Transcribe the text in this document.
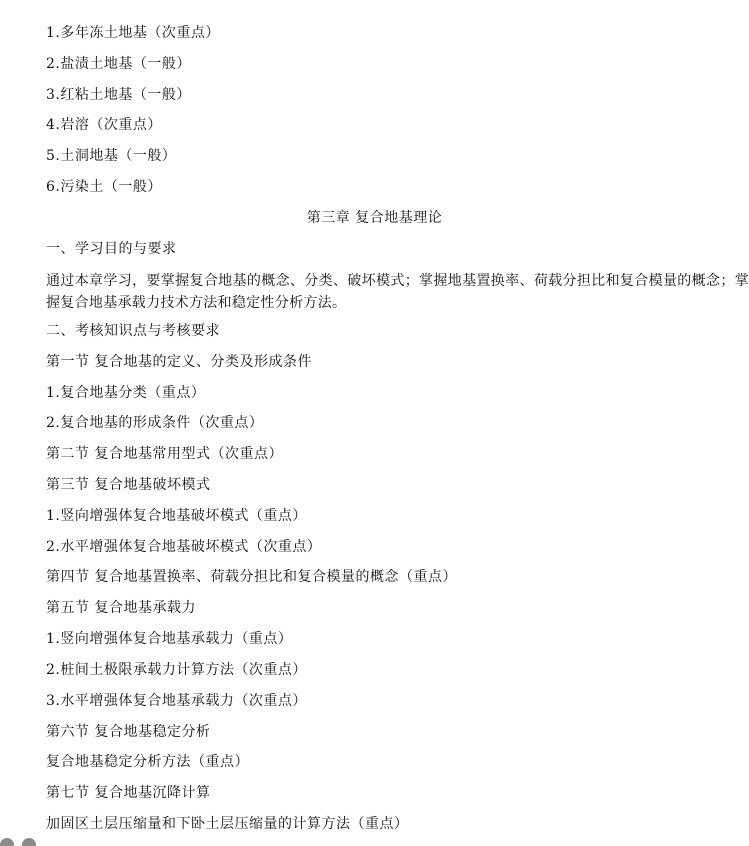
1.多年冻土地基（次重点）
2.盐渍土地基（一般）
3.红粘土地基（一般）
4.岩溶（次重点）
5.土洞地基（一般）
6.污染土（一般）
第三章 复合地基理论
一、学习目的与要求
通过本章学习，要掌握复合地基的概念、分类、破坏模式；掌握地基置换率、荷载分担比和复合模量的概念；掌握复合地基承载力技术方法和稳定性分析方法。
二、考核知识点与考核要求
第一节 复合地基的定义、分类及形成条件
1.复合地基分类（重点）
2.复合地基的形成条件（次重点）
第二节 复合地基常用型式（次重点）
第三节 复合地基破坏模式
1.竖向增强体复合地基破坏模式（重点）
2.水平增强体复合地基破坏模式（次重点）
第四节 复合地基置换率、荷载分担比和复合模量的概念（重点）
第五节 复合地基承载力
1.竖向增强体复合地基承载力（重点）
2.桩间土极限承载力计算方法（次重点）
3.水平增强体复合地基承载力（次重点）
第六节 复合地基稳定分析
复合地基稳定分析方法（重点）
第七节 复合地基沉降计算
加固区土层压缩量和下卧土层压缩量的计算方法（重点）
